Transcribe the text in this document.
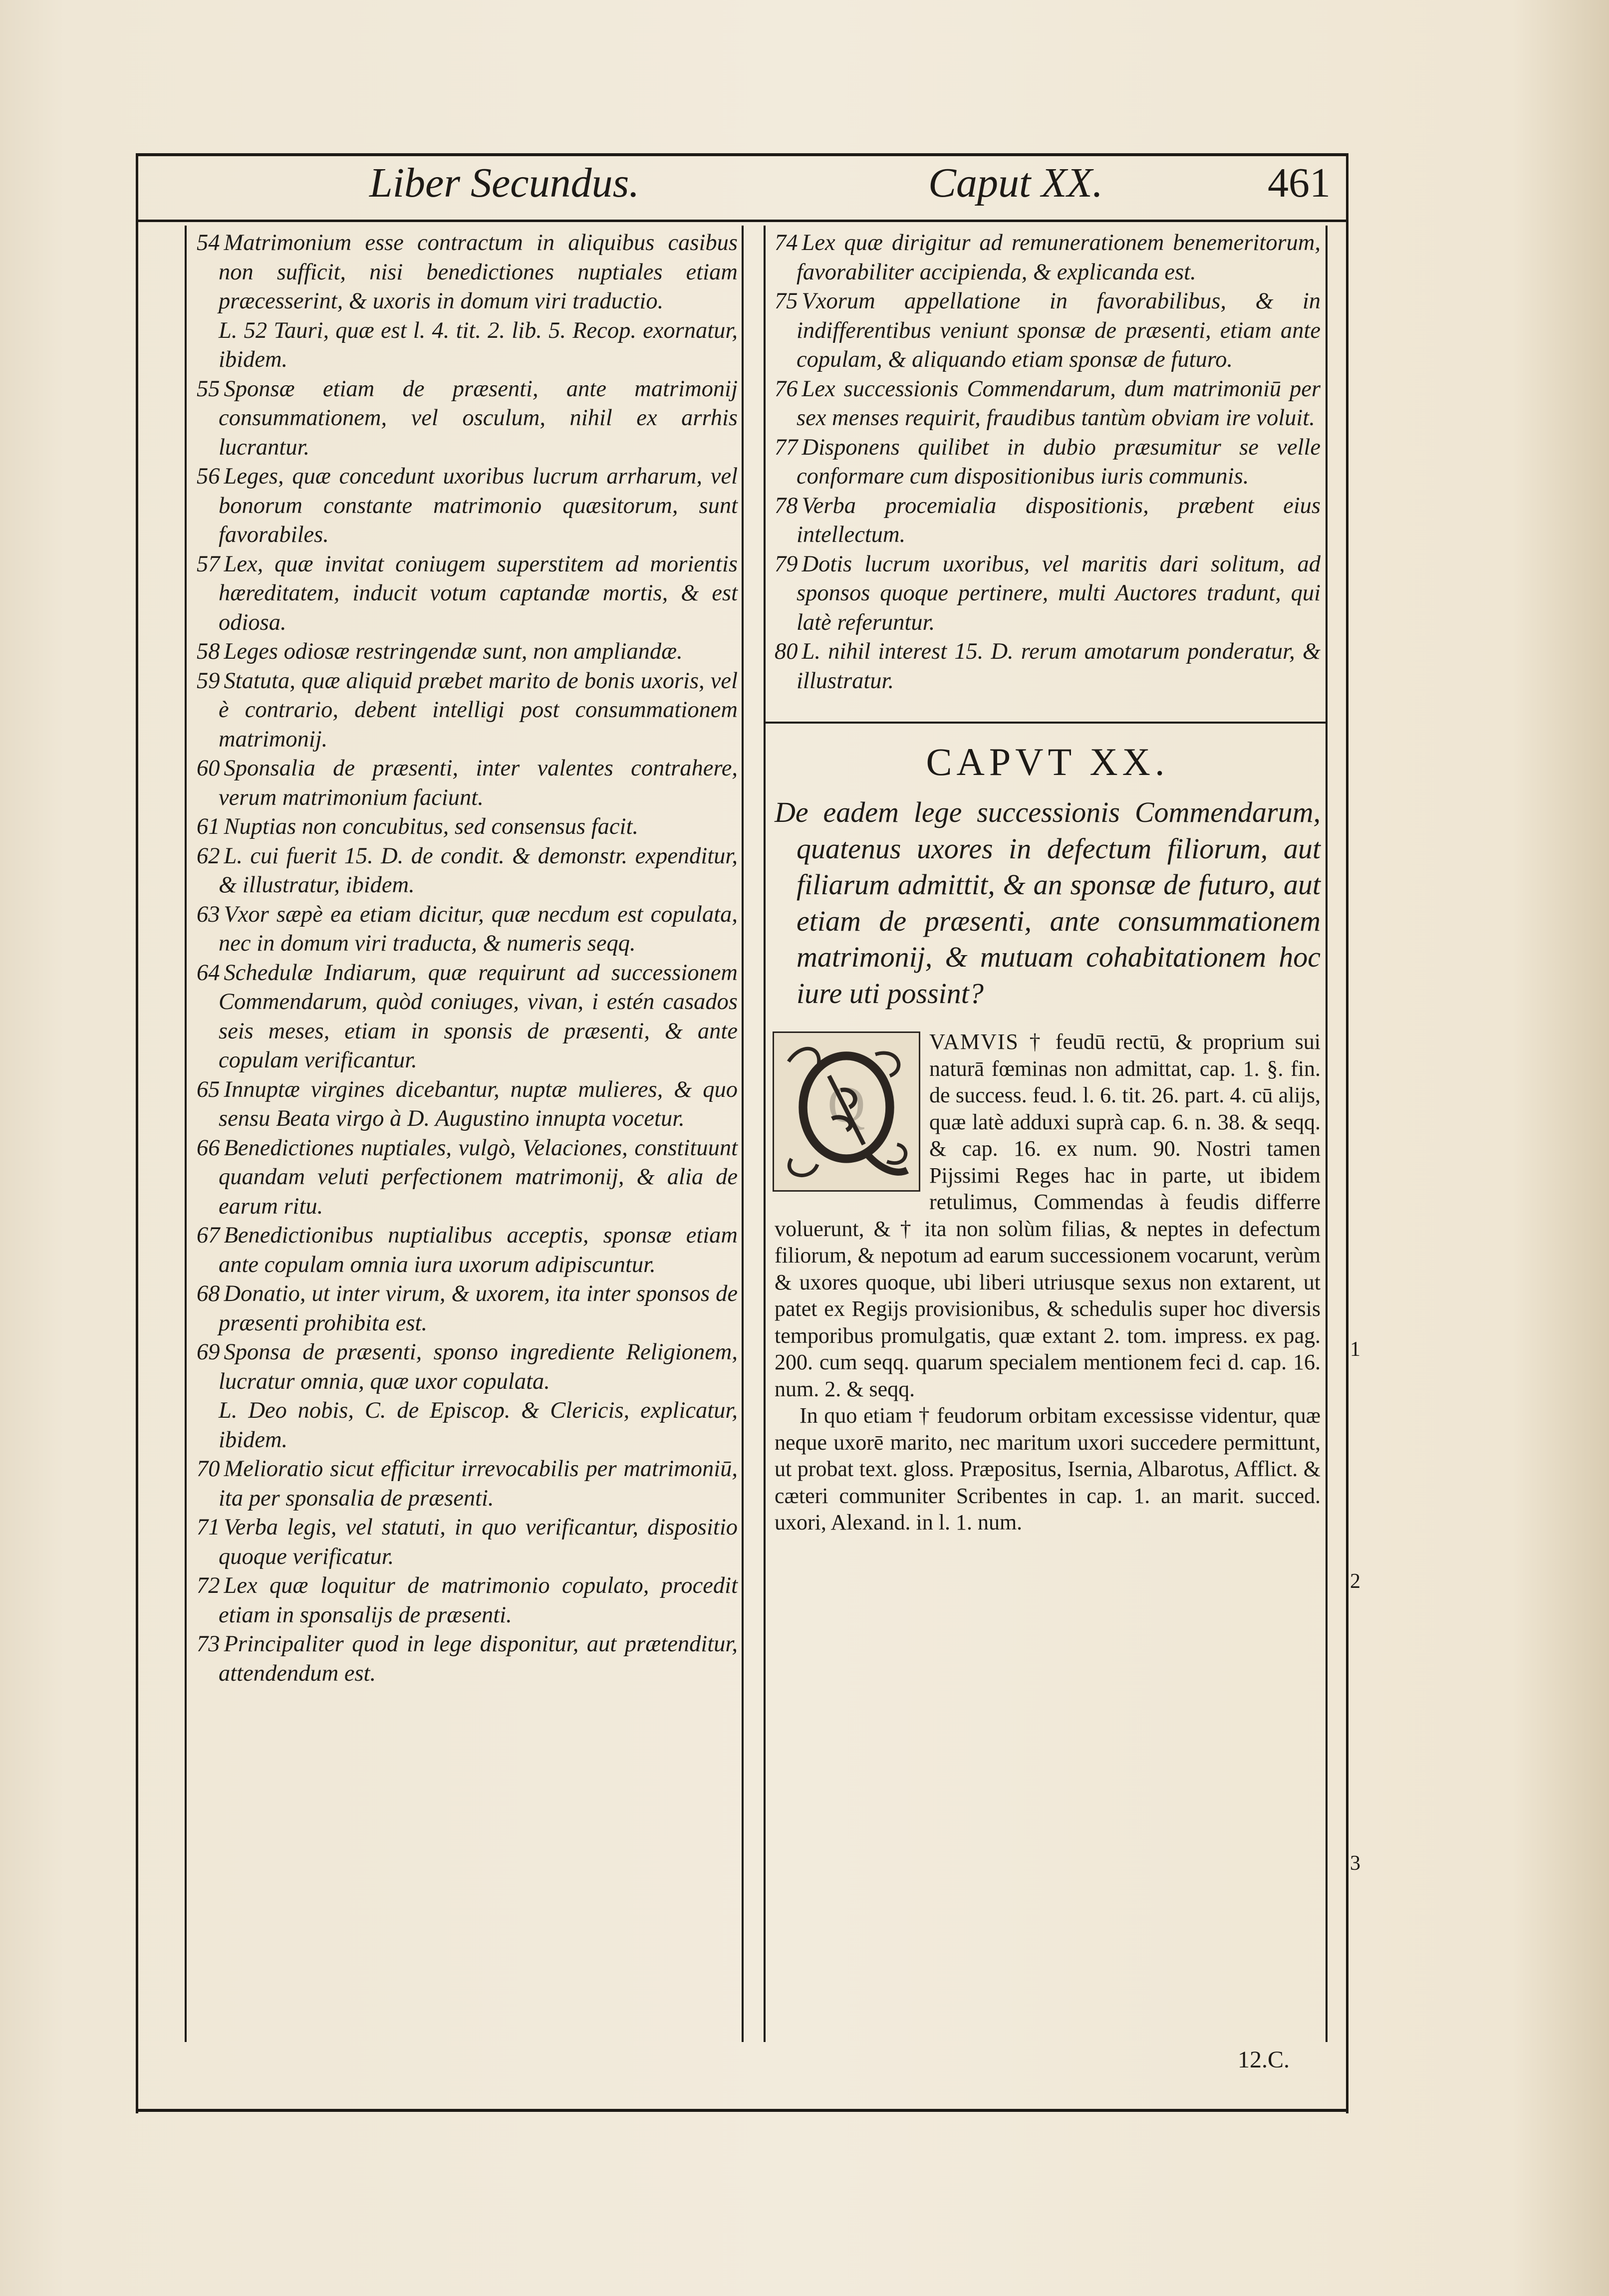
Liber Secundus.	Caput XX.	461
54 Matrimonium esse contractum in aliquibus casibus non sufficit, nisi benedictiones nuptiales etiam præcesserint, & uxoris in domum viri traductio.
L. 52 Tauri, quæ est l. 4. tit. 2. lib. 5. Recop. exornatur, ibidem.
55 Sponsæ etiam de præsenti, ante matrimonij consummationem, vel osculum, nihil ex arrhis lucrantur.
56 Leges, quæ concedunt uxoribus lucrum arrharum, vel bonorum constante matrimonio quæsitorum, sunt favorabiles.
57 Lex, quæ invitat coniugem superstitem ad morientis hæreditatem, inducit votum captandæ mortis, & est odiosa.
58 Leges odiosæ restringendæ sunt, non ampliandæ.
59 Statuta, quæ aliquid præbet marito de bonis uxoris, vel è contrario, debent intelligi post consummationem matrimonij.
60 Sponsalia de præsenti, inter valentes contrahere, verum matrimonium faciunt.
61 Nuptias non concubitus, sed consensus facit.
62 L. cui fuerit 15. D. de condit. & demonstr. expenditur, & illustratur, ibidem.
63 Vxor sæpè ea etiam dicitur, quæ necdum est copulata, nec in domum viri traducta, & numeris seqq.
64 Schedulæ Indiarum, quæ requirunt ad successionem Commendarum, quòd coniuges, vivan, i estén casados seis meses, etiam in sponsis de præsenti, & ante copulam verificantur.
65 Innuptæ virgines dicebantur, nuptæ mulieres, & quo sensu Beata virgo à D. Augustino innupta vocetur.
66 Benedictiones nuptiales, vulgò, Velaciones, constituunt quandam veluti perfectionem matrimonij, & alia de earum ritu.
67 Benedictionibus nuptialibus acceptis, sponsæ etiam ante copulam omnia iura uxorum adipiscuntur.
68 Donatio, ut inter virum, & uxorem, ita inter sponsos de præsenti prohibita est.
69 Sponsa de præsenti, sponso ingrediente Religionem, lucratur omnia, quæ uxor copulata.
L. Deo nobis, C. de Episcop. & Clericis, explicatur, ibidem.
70 Melioratio sicut efficitur irrevocabilis per matrimoniū, ita per sponsalia de præsenti.
71 Verba legis, vel statuti, in quo verificantur, dispositio quoque verificatur.
72 Lex quæ loquitur de matrimonio copulato, procedit etiam in sponsalijs de præsenti.
73 Principaliter quod in lege disponitur, aut prætenditur, attendendum est.
74 Lex quæ dirigitur ad remunerationem benemeritorum, favorabiliter accipienda, & explicanda est.
75 Vxorum appellatione in favorabilibus, & in indifferentibus veniunt sponsæ de præsenti, etiam ante copulam, & aliquando etiam sponsæ de futuro.
76 Lex successionis Commendarum, dum matrimoniū per sex menses requirit, fraudibus tantùm obviam ire voluit.
77 Disponens quilibet in dubio præsumitur se velle conformare cum dispositionibus iuris communis.
78 Verba procemialia dispositionis, præbent eius intellectum.
79 Dotis lucrum uxoribus, vel maritis dari solitum, ad sponsos quoque pertinere, multi Auctores tradunt, qui latè referuntur.
80 L. nihil interest 15. D. rerum amotarum ponderatur, & illustratur.
CAPVT XX.

De eadem lege successionis Commendarum, quatenus uxores in defectum filiorum, aut filiarum admittit, & an sponsæ de futuro, aut etiam de præsenti, ante consummationem matrimonij, & mutuam cohabitationem hoc iure uti possint?

Q
VAMVIS † feudū rectū, & proprium sui naturā fœminas non admittat, cap. 1. §. fin. de success. feud. l. 6. tit. 26. part. 4. cū alijs, quæ latè adduxi suprà cap. 6. n. 38. & seqq. & cap. 16. ex num. 90. Nostri tamen Pijssimi Reges hac in parte, ut ibidem retulimus, Commendas à feudis differre voluerunt, & † ita non solùm filias, & neptes in defectum filiorum, & nepotum ad earum successionem vocarunt, verùm & uxores quoque, ubi liberi utriusque sexus non extarent, ut patet ex Regijs provisionibus, & schedulis super hoc diversis temporibus promulgatis, quæ extant 2. tom. impress. ex pag. 200. cum seqq. quarum specialem mentionem feci d. cap. 16. num. 2. & seqq.

In quo etiam † feudorum orbitam excessisse videntur, quæ neque uxorē marito, nec maritum uxori succedere permittunt, ut probat text. gloss. Præpositus, Isernia, Albarotus, Afflict. & cæteri communiter Scribentes in cap. 1. an marit. succed. uxori, Alexand. in l. 1. num.

1
2
3
12.C.
